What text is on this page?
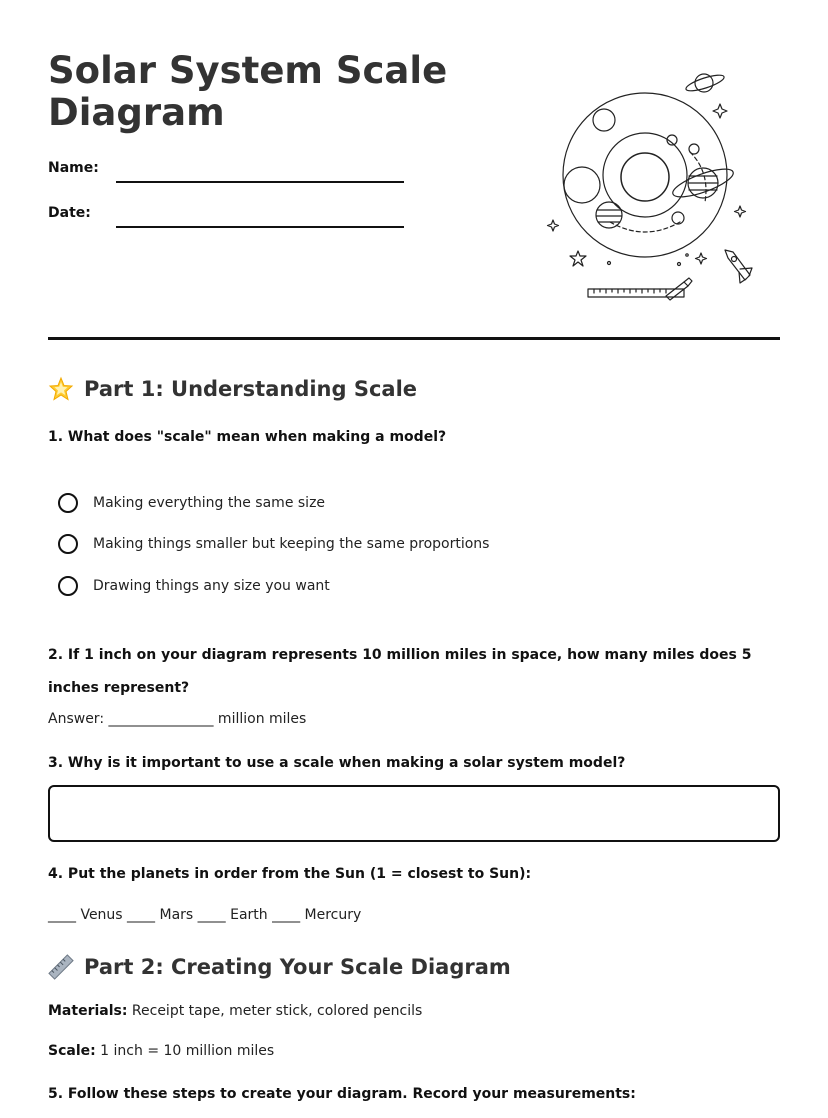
Solar System Scale Diagram
Name:
Date:
Part 1: Understanding Scale
1. What does "scale" mean when making a model?
Making everything the same size
Making things smaller but keeping the same proportions
Drawing things any size you want
2. If 1 inch on your diagram represents 10 million miles in space, how many miles does 5 inches represent?
Answer: _______________ million miles
3. Why is it important to use a scale when making a solar system model?
4. Put the planets in order from the Sun (1 = closest to Sun):
____ Venus ____ Mars ____ Earth ____ Mercury
Part 2: Creating Your Scale Diagram
Materials: Receipt tape, meter stick, colored pencils
Scale: 1 inch = 10 million miles
5. Follow these steps to create your diagram. Record your measurements:
